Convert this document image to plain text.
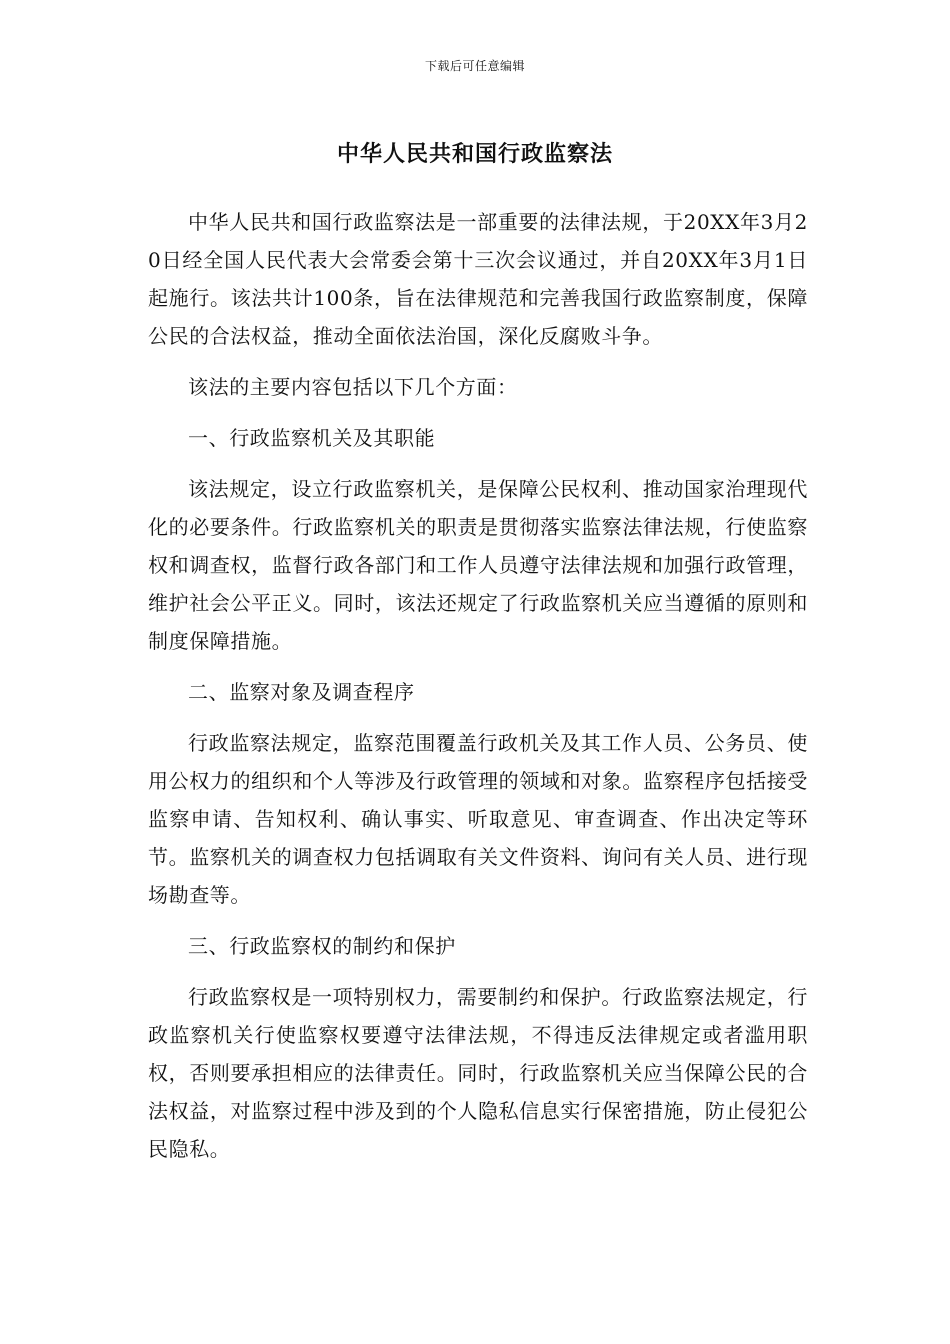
下载后可任意编辑
中华人民共和国行政监察法

中华人民共和国行政监察法是一部重要的法律法规，于20XX年3月20日经全国人民代表大会常委会第十三次会议通过，并自20XX年3月1日起施行。该法共计100条，旨在法律规范和完善我国行政监察制度，保障公民的合法权益，推动全面依法治国，深化反腐败斗争。

该法的主要内容包括以下几个方面：

一、行政监察机关及其职能

该法规定，设立行政监察机关，是保障公民权利、推动国家治理现代化的必要条件。行政监察机关的职责是贯彻落实监察法律法规，行使监察权和调查权，监督行政各部门和工作人员遵守法律法规和加强行政管理，维护社会公平正义。同时，该法还规定了行政监察机关应当遵循的原则和制度保障措施。

二、监察对象及调查程序

行政监察法规定，监察范围覆盖行政机关及其工作人员、公务员、使用公权力的组织和个人等涉及行政管理的领域和对象。监察程序包括接受监察申请、告知权利、确认事实、听取意见、审查调查、作出决定等环节。监察机关的调查权力包括调取有关文件资料、询问有关人员、进行现场勘查等。

三、行政监察权的制约和保护

行政监察权是一项特别权力，需要制约和保护。行政监察法规定，行政监察机关行使监察权要遵守法律法规，不得违反法律规定或者滥用职权，否则要承担相应的法律责任。同时，行政监察机关应当保障公民的合法权益，对监察过程中涉及到的个人隐私信息实行保密措施，防止侵犯公民隐私。
